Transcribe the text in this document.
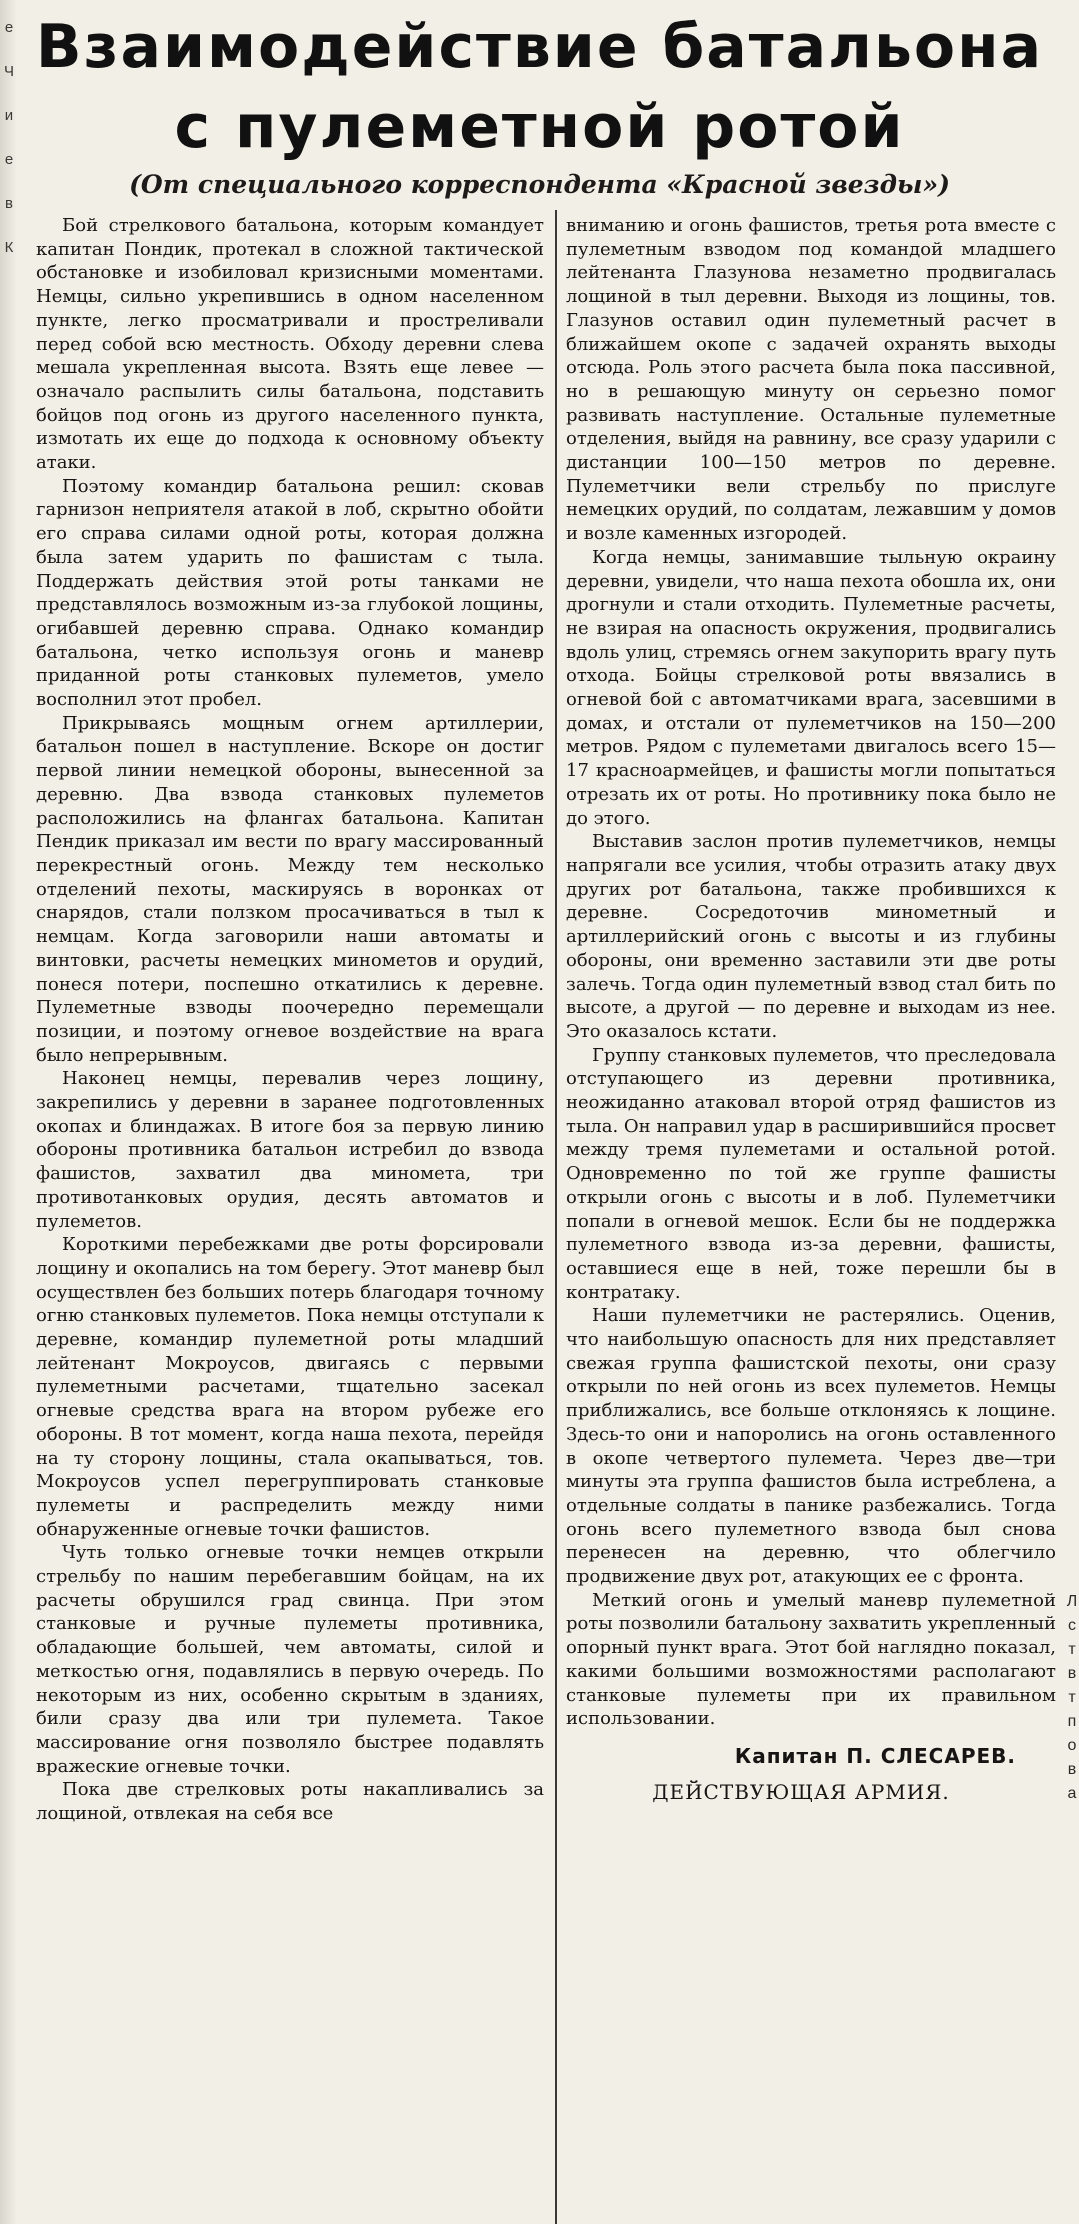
е
Ч
и
е
в
К
Л
с
т
в
т
п
о
в
а
Взаимодействие батальона
с пулеметной ротой
(От специального корреспондента «Красной звезды»)

Бой стрелкового батальона, которым командует капитан Пондик, протекал в сложной тактической обстановке и изобиловал кризисными моментами. Немцы, сильно укрепившись в одном населенном пункте, легко просматривали и простреливали перед собой всю местность. Обходу деревни слева мешала укрепленная высота. Взять еще левее — означало распылить силы батальона, подставить бойцов под огонь из другого населенного пункта, измотать их еще до подхода к основному объекту атаки.

Поэтому командир батальона решил: сковав гарнизон неприятеля атакой в лоб, скрытно обойти его справа силами одной роты, которая должна была затем ударить по фашистам с тыла. Поддержать действия этой роты танками не представлялось возможным из-за глубокой лощины, огибавшей деревню справа. Однако командир батальона, четко используя огонь и маневр приданной роты станковых пулеметов, умело восполнил этот пробел.

Прикрываясь мощным огнем артиллерии, батальон пошел в наступление. Вскоре он достиг первой линии немецкой обороны, вынесенной за деревню. Два взвода станковых пулеметов расположились на флангах батальона. Капитан Пендик приказал им вести по врагу массированный перекрестный огонь. Между тем несколько отделений пехоты, маскируясь в воронках от снарядов, стали ползком просачиваться в тыл к немцам. Когда заговорили наши автоматы и винтовки, расчеты немецких минометов и орудий, понеся потери, поспешно откатились к деревне. Пулеметные взводы поочередно перемещали позиции, и поэтому огневое воздействие на врага было непрерывным.

Наконец немцы, перевалив через лощину, закрепились у деревни в заранее подготовленных окопах и блиндажах. В итоге боя за первую линию обороны противника батальон истребил до взвода фашистов, захватил два миномета, три противотанковых орудия, десять автоматов и пулеметов.

Короткими перебежками две роты форсировали лощину и окопались на том берегу. Этот маневр был осуществлен без больших потерь благодаря точному огню станковых пулеметов. Пока немцы отступали к деревне, командир пулеметной роты младший лейтенант Мокроусов, двигаясь с первыми пулеметными расчетами, тщательно засекал огневые средства врага на втором рубеже его обороны. В тот момент, когда наша пехота, перейдя на ту сторону лощины, стала окапываться, тов. Мокроусов успел перегруппировать станковые пулеметы и распределить между ними обнаруженные огневые точки фашистов.

Чуть только огневые точки немцев открыли стрельбу по нашим перебегавшим бойцам, на их расчеты обрушился град свинца. При этом станковые и ручные пулеметы противника, обладающие большей, чем автоматы, силой и меткостью огня, подавлялись в первую очередь. По некоторым из них, особенно скрытым в зданиях, били сразу два или три пулемета. Такое массирование огня позволяло быстрее подавлять вражеские огневые точки.

Пока две стрелковых роты накапливались за лощиной, отвлекая на себя все

вниманию и огонь фашистов, третья рота вместе с пулеметным взводом под командой младшего лейтенанта Глазунова незаметно продвигалась лощиной в тыл деревни. Выходя из лощины, тов. Глазунов оставил один пулеметный расчет в ближайшем окопе с задачей охранять выходы отсюда. Роль этого расчета была пока пассивной, но в решающую минуту он серьезно помог развивать наступление. Остальные пулеметные отделения, выйдя на равнину, все сразу ударили с дистанции 100—150 метров по деревне. Пулеметчики вели стрельбу по прислуге немецких орудий, по солдатам, лежавшим у домов и возле каменных изгородей.

Когда немцы, занимавшие тыльную окраину деревни, увидели, что наша пехота обошла их, они дрогнули и стали отходить. Пулеметные расчеты, не взирая на опасность окружения, продвигались вдоль улиц, стремясь огнем закупорить врагу путь отхода. Бойцы стрелковой роты ввязались в огневой бой с автоматчиками врага, засевшими в домах, и отстали от пулеметчиков на 150—200 метров. Рядом с пулеметами двигалось всего 15—17 красноармейцев, и фашисты могли попытаться отрезать их от роты. Но противнику пока было не до этого.

Выставив заслон против пулеметчиков, немцы напрягали все усилия, чтобы отразить атаку двух других рот батальона, также пробившихся к деревне. Сосредоточив минометный и артиллерийский огонь с высоты и из глубины обороны, они временно заставили эти две роты залечь. Тогда один пулеметный взвод стал бить по высоте, а другой — по деревне и выходам из нее. Это оказалось кстати.

Группу станковых пулеметов, что преследовала отступающего из деревни противника, неожиданно атаковал второй отряд фашистов из тыла. Он направил удар в расширившийся просвет между тремя пулеметами и остальной ротой. Одновременно по той же группе фашисты открыли огонь с высоты и в лоб. Пулеметчики попали в огневой мешок. Если бы не поддержка пулеметного взвода из-за деревни, фашисты, оставшиеся еще в ней, тоже перешли бы в контратаку.

Наши пулеметчики не растерялись. Оценив, что наибольшую опасность для них представляет свежая группа фашистской пехоты, они сразу открыли по ней огонь из всех пулеметов. Немцы приближались, все больше отклоняясь к лощине. Здесь-то они и напоролись на огонь оставленного в окопе четвертого пулемета. Через две—три минуты эта группа фашистов была истреблена, а отдельные солдаты в панике разбежались. Тогда огонь всего пулеметного взвода был снова перенесен на деревню, что облегчило продвижение двух рот, атакующих ее с фронта.

Меткий огонь и умелый маневр пулеметной роты позволили батальону захватить укрепленный опорный пункт врага. Этот бой наглядно показал, какими большими возможностями располагают станковые пулеметы при их правильном использовании.

Капитан П. СЛЕСАРЕВ.
ДЕЙСТВУЮЩАЯ АРМИЯ.
